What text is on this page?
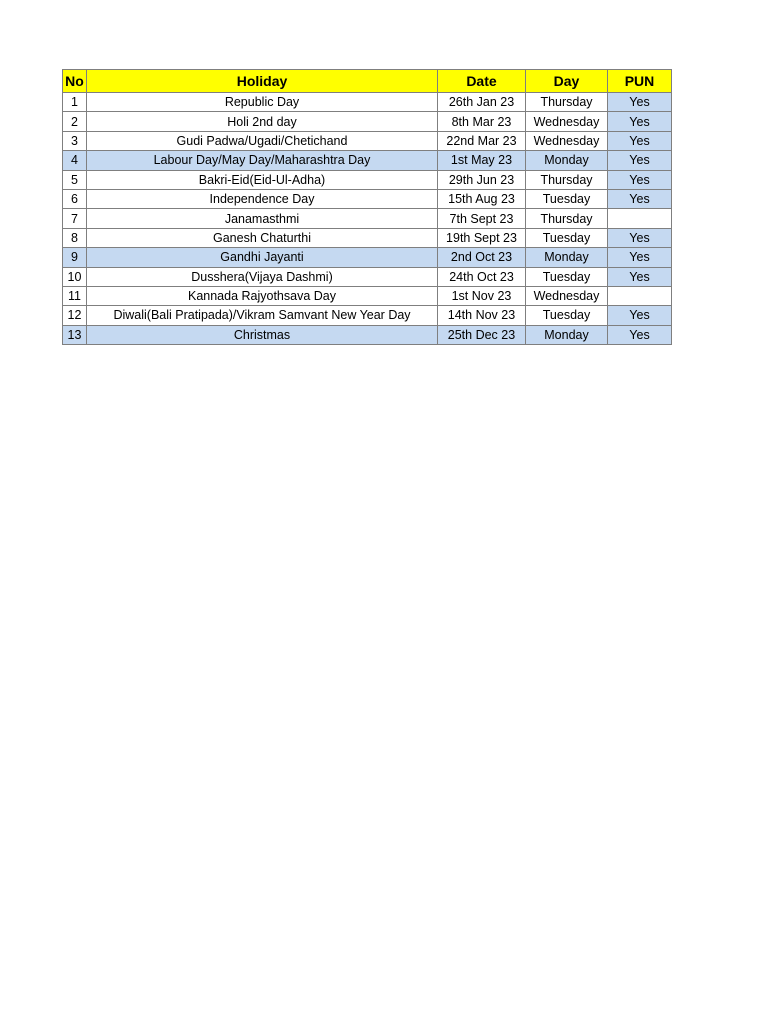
No	Holiday	Date	Day	PUN
1	Republic Day	26th Jan 23	Thursday	Yes
2	Holi 2nd day	8th Mar 23	Wednesday	Yes
3	Gudi Padwa/Ugadi/Chetichand	22nd Mar 23	Wednesday	Yes
4	Labour Day/May Day/Maharashtra Day	1st May 23	Monday	Yes
5	Bakri-Eid(Eid-Ul-Adha)	29th Jun 23	Thursday	Yes
6	Independence Day	15th Aug 23	Tuesday	Yes
7	Janamasthmi	7th Sept 23	Thursday	
8	Ganesh Chaturthi	19th Sept 23	Tuesday	Yes
9	Gandhi Jayanti	2nd Oct 23	Monday	Yes
10	Dusshera(Vijaya Dashmi)	24th Oct 23	Tuesday	Yes
11	Kannada Rajyothsava Day	1st Nov 23	Wednesday	
12	Diwali(Bali Pratipada)/Vikram Samvant New Year Day	14th Nov 23	Tuesday	Yes
13	Christmas	25th Dec 23	Monday	Yes
